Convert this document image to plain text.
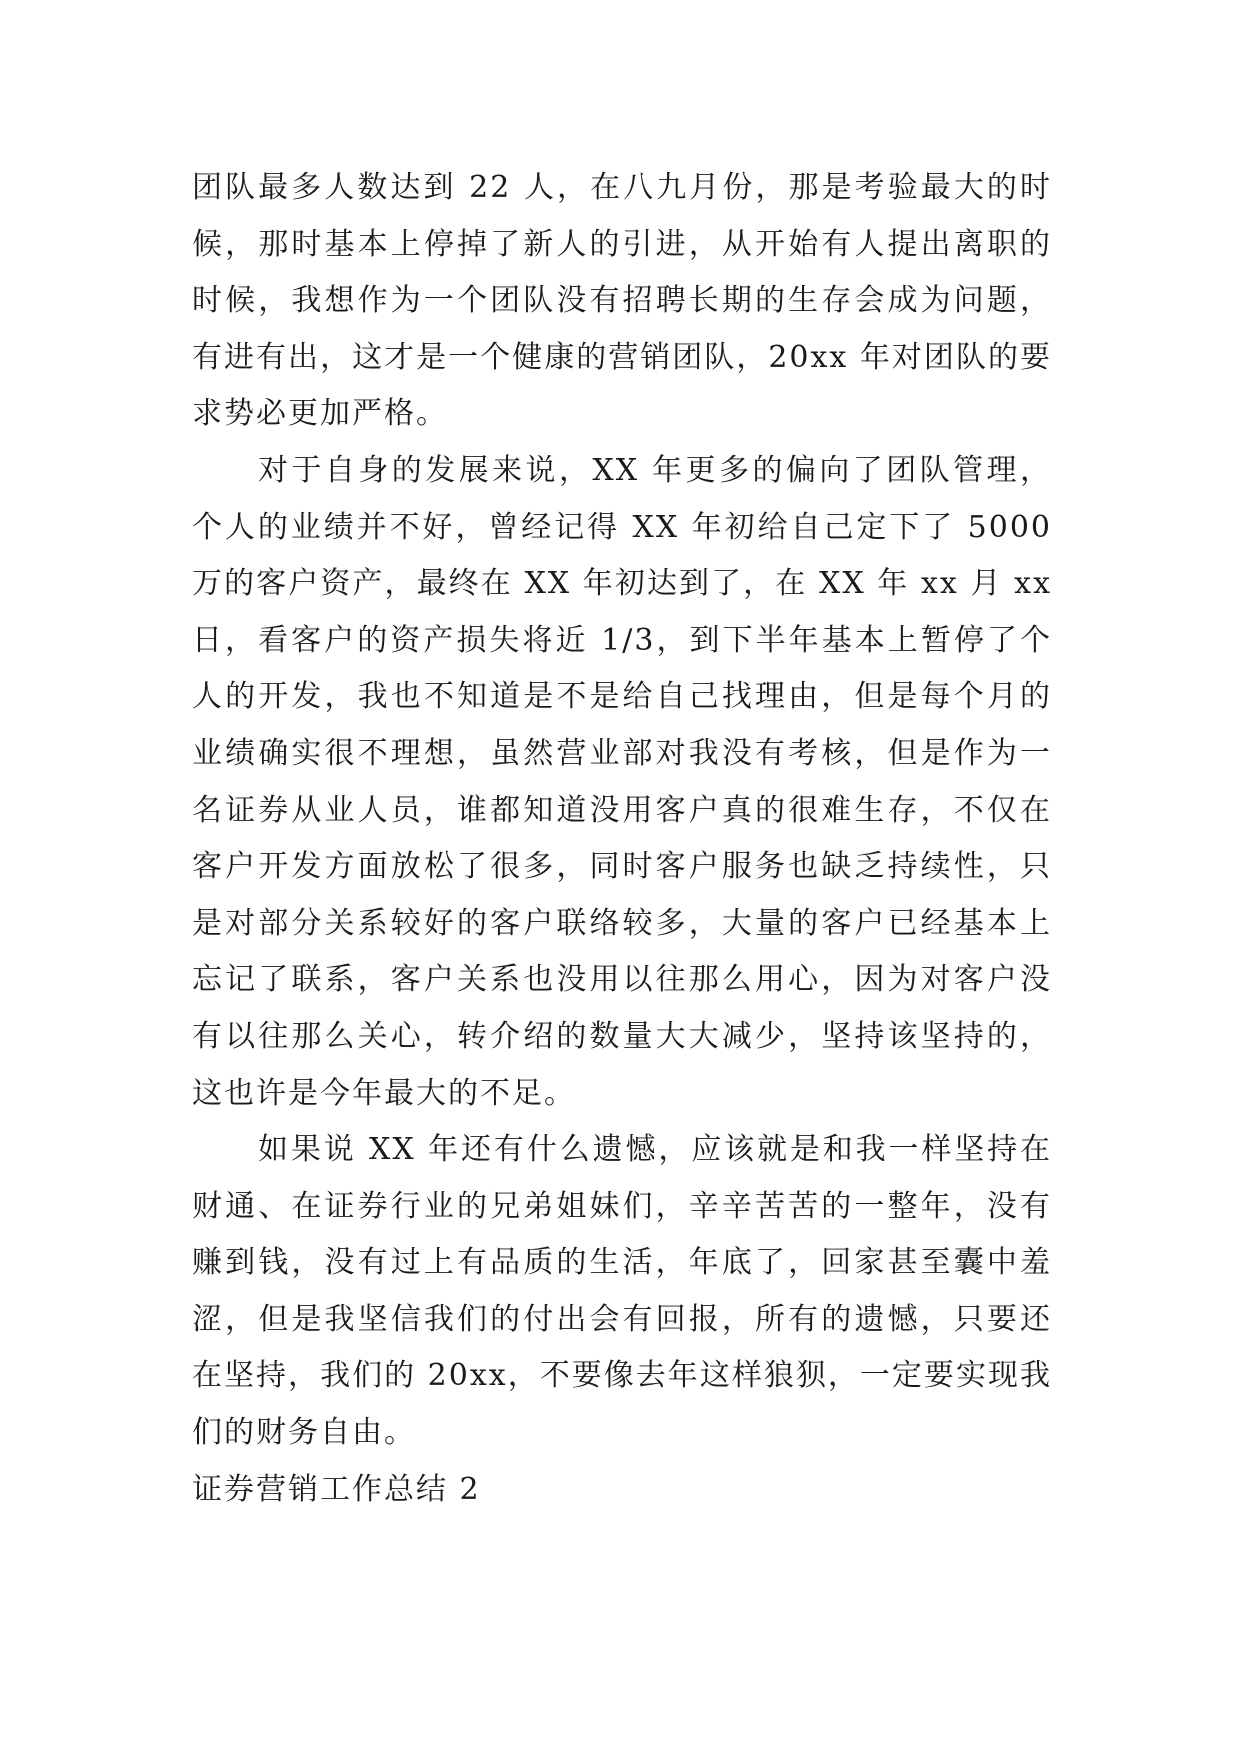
团队最多人数达到 22 人，在八九月份，那是考验最大的时候，那时基本上停掉了新人的引进，从开始有人提出离职的时候，我想作为一个团队没有招聘长期的生存会成为问题，有进有出，这才是一个健康的营销团队，20xx 年对团队的要求势必更加严格。

对于自身的发展来说，XX 年更多的偏向了团队管理，个人的业绩并不好，曾经记得 XX 年初给自己定下了 5000 万的客户资产，最终在 XX 年初达到了，在 XX 年 xx 月 xx 日，看客户的资产损失将近 1/3，到下半年基本上暂停了个人的开发，我也不知道是不是给自己找理由，但是每个月的业绩确实很不理想，虽然营业部对我没有考核，但是作为一名证券从业人员，谁都知道没用客户真的很难生存，不仅在客户开发方面放松了很多，同时客户服务也缺乏持续性，只是对部分关系较好的客户联络较多，大量的客户已经基本上忘记了联系，客户关系也没用以往那么用心，因为对客户没有以往那么关心，转介绍的数量大大减少，坚持该坚持的，这也许是今年最大的不足。

如果说 XX 年还有什么遗憾，应该就是和我一样坚持在财通、在证券行业的兄弟姐妹们，辛辛苦苦的一整年，没有赚到钱，没有过上有品质的生活，年底了，回家甚至囊中羞涩，但是我坚信我们的付出会有回报，所有的遗憾，只要还在坚持，我们的 20xx，不要像去年这样狼狈，一定要实现我们的财务自由。

证券营销工作总结 2
